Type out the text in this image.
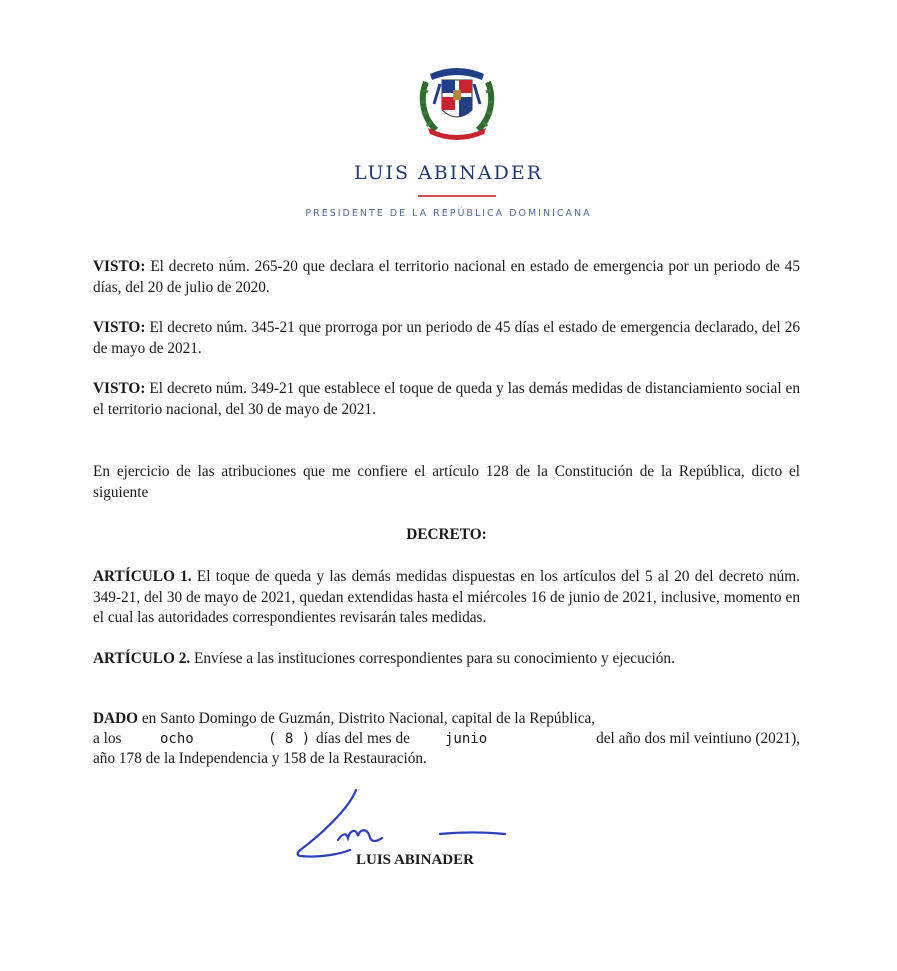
LUIS ABINADER
PRESIDENTE DE LA REPÚBLICA DOMINICANA

VISTO: El decreto núm. 265-20 que declara el territorio nacional en estado de emergencia por un periodo de 45 días, del 20 de julio de 2020.

VISTO: El decreto núm. 345-21 que prorroga por un periodo de 45 días el estado de emergencia declarado, del 26 de mayo de 2021.

VISTO: El decreto núm. 349-21 que establece el toque de queda y las demás medidas de distanciamiento social en el territorio nacional, del 30 de mayo de 2021.

En ejercicio de las atribuciones que me confiere el artículo 128 de la Constitución de la República, dicto el siguiente

DECRETO:

ARTÍCULO 1. El toque de queda y las demás medidas dispuestas en los artículos del 5 al 20 del decreto núm. 349-21, del 30 de mayo de 2021, quedan extendidas hasta el miércoles 16 de junio de 2021, inclusive, momento en el cual las autoridades correspondientes revisarán tales medidas.

ARTÍCULO 2. Envíese a las instituciones correspondientes para su conocimiento y ejecución.

DADO en Santo Domingo de Guzmán, Distrito Nacional, capital de la República,

a los	ocho	( 8 ) días del mes de	junio	del año dos mil veintiuno (2021),

año 178 de la Independencia y 158 de la Restauración.

LUIS ABINADER
